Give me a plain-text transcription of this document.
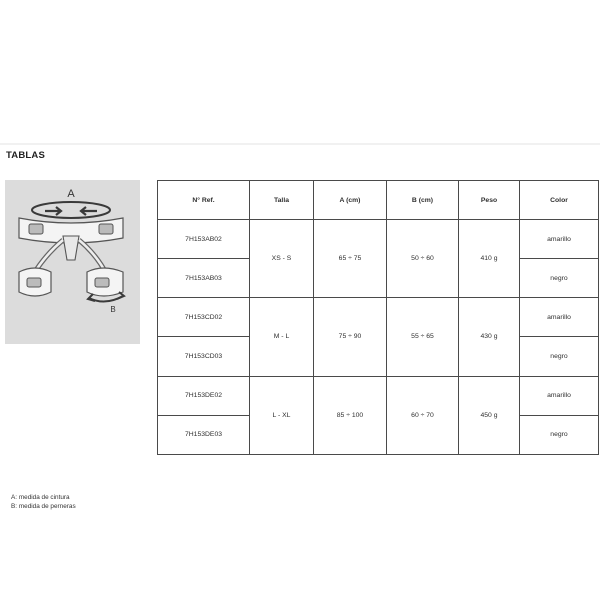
TABLAS
A
B
A: medida de cintura
B: medida de perneras
N° Ref.	Talla	A (cm)	B (cm)	Peso	Color
7H153AB02	XS - S	65 ÷ 75	50 ÷ 60	410 g	amarillo
7H153AB03					negro
7H153CD02	M - L	75 ÷ 90	55 ÷ 65	430 g	amarillo
7H153CD03					negro
7H153DE02	L - XL	85 ÷ 100	60 ÷ 70	450 g	amarillo
7H153DE03					negro
